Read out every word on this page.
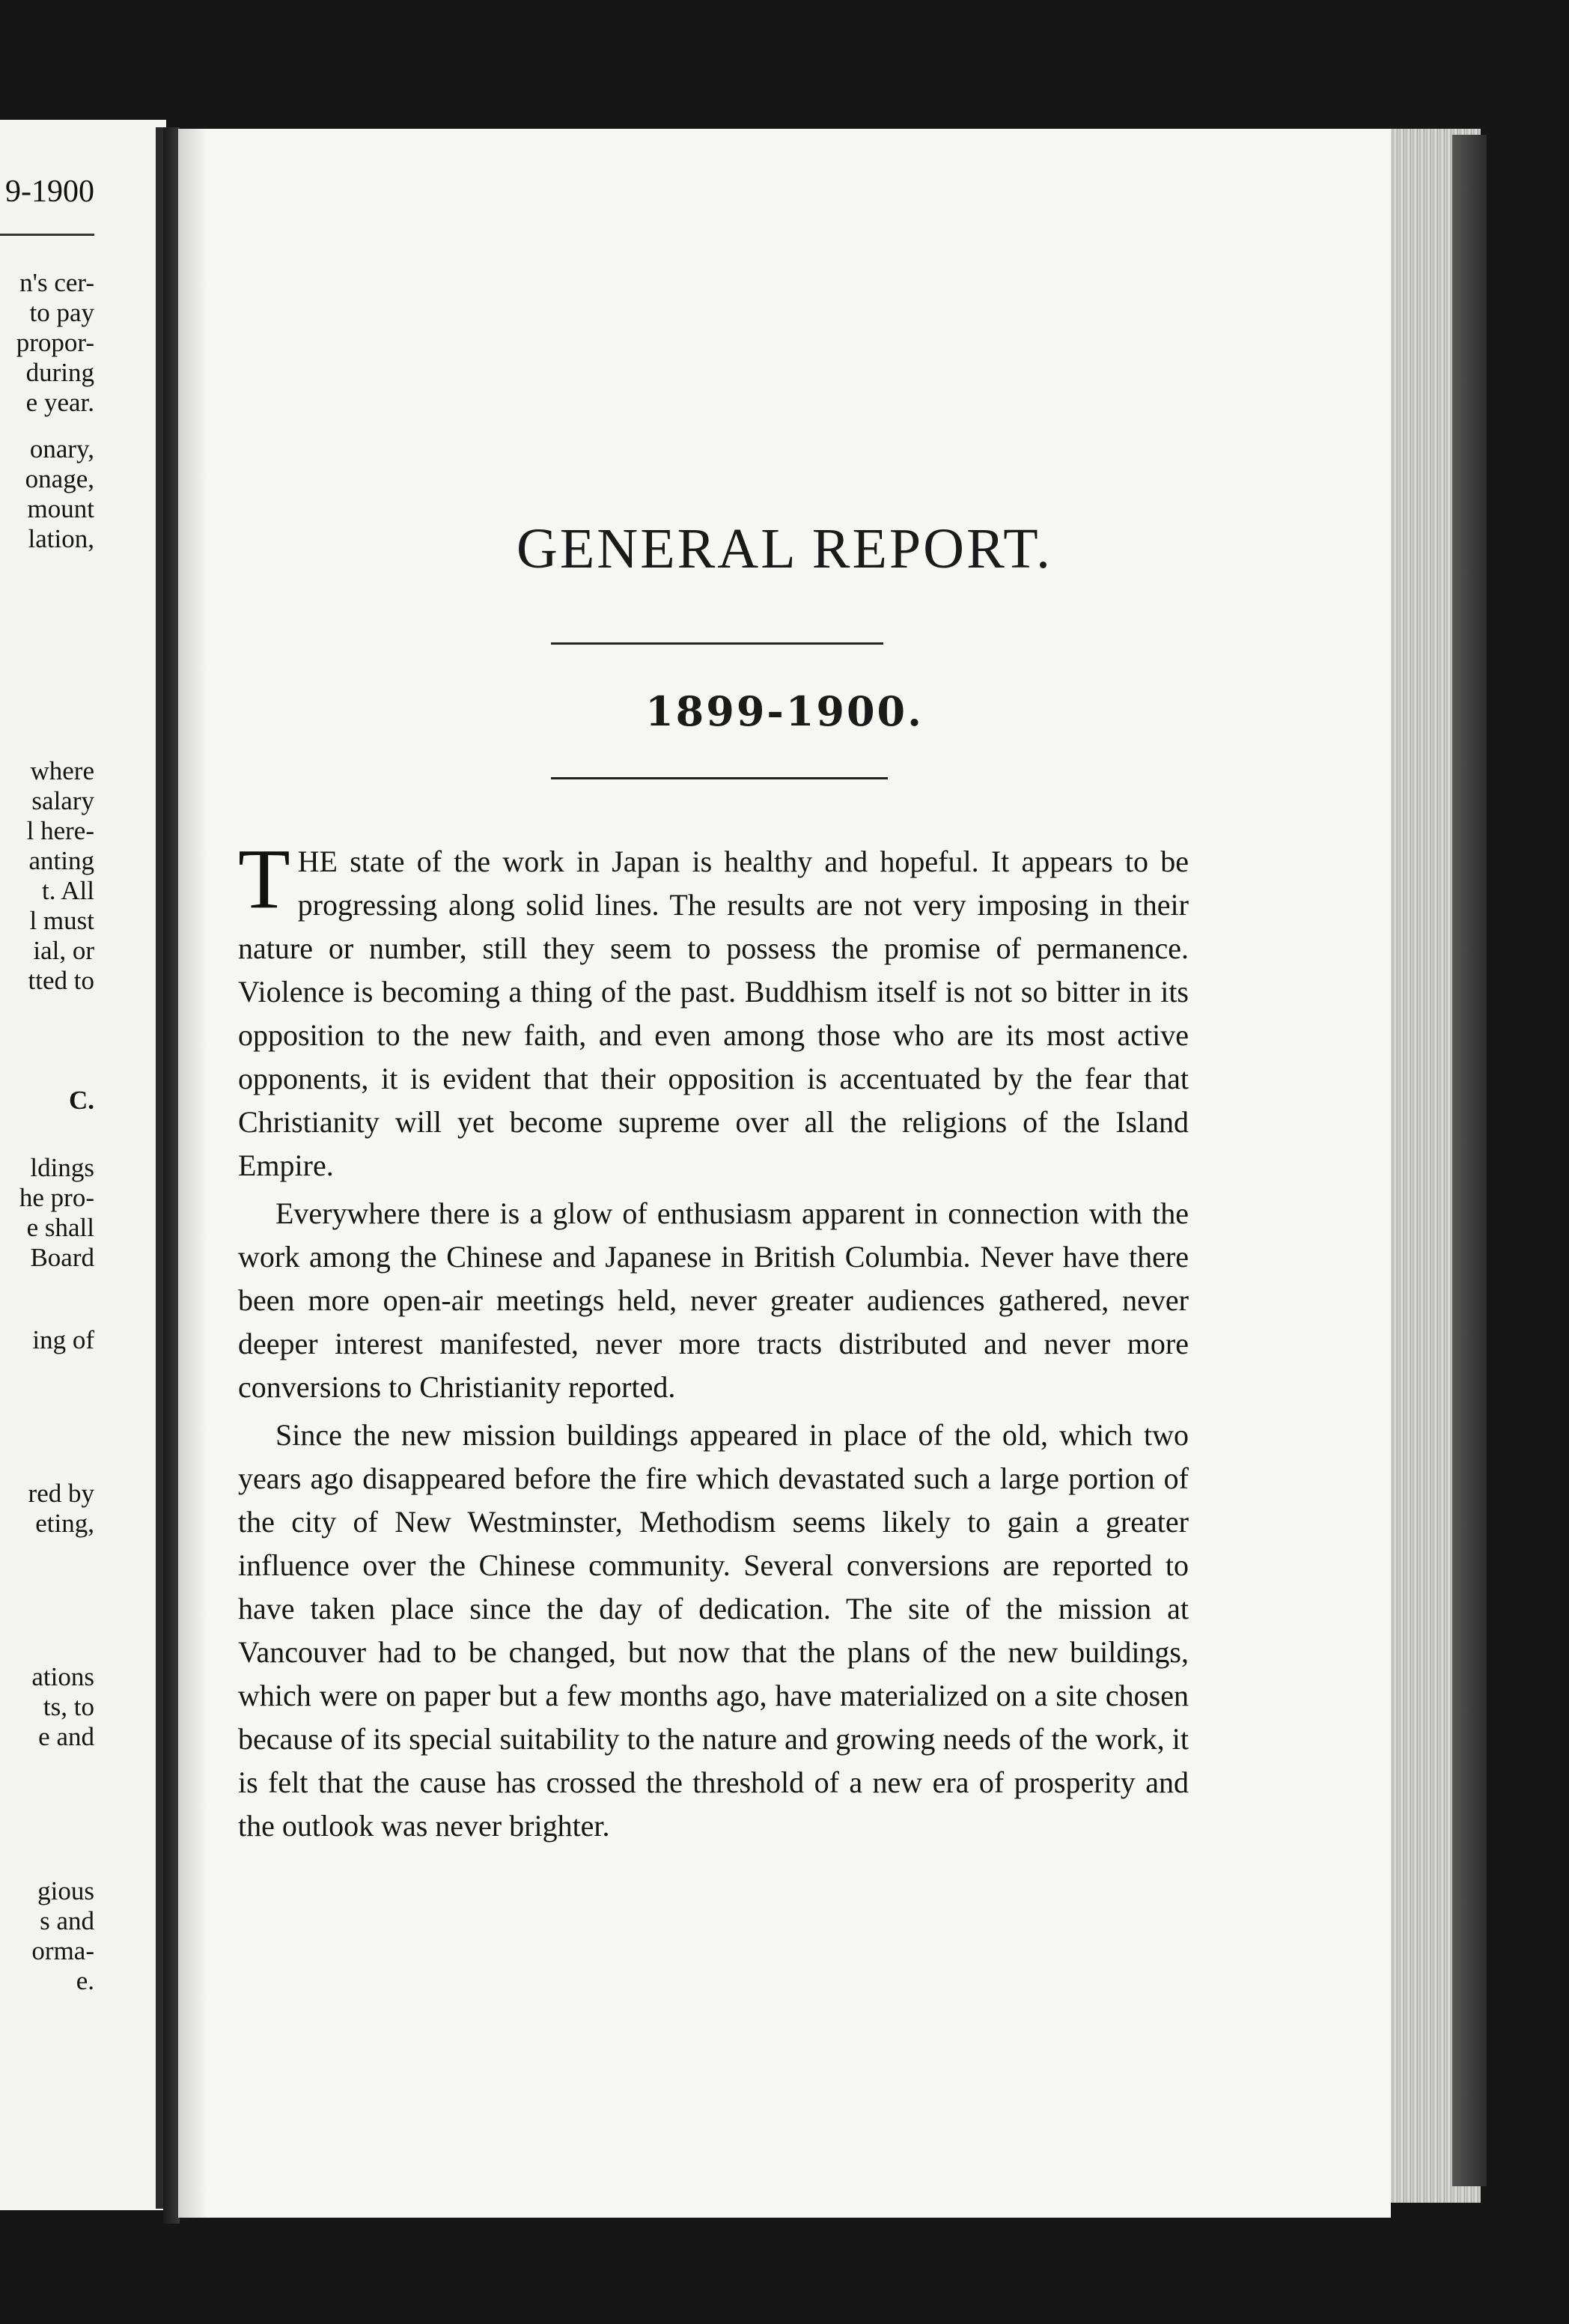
9-1900
n's cer-
to pay
propor-
during
e year.
onary,
onage,
mount
lation,
where
salary
l here-
anting
t. All
l must
ial, or
tted to
C.
ldings
he pro-
e shall
Board
ing of
red by
eting,
ations
ts, to
e and
gious
s and
orma-
e.
GENERAL REPORT.
1899-1900.

THE state of the work in Japan is healthy and hopeful. It appears to be progressing along solid lines. The results are not very imposing in their nature or number, still they seem to possess the promise of permanence. Violence is becoming a thing of the past. Buddhism itself is not so bitter in its opposition to the new faith, and even among those who are its most active opponents, it is evident that their opposition is accentuated by the fear that Christianity will yet become supreme over all the religions of the Island Empire.

Everywhere there is a glow of enthusiasm apparent in connection with the work among the Chinese and Japanese in British Columbia. Never have there been more open-air meetings held, never greater audiences gathered, never deeper interest manifested, never more tracts distributed and never more conversions to Christianity reported.

Since the new mission buildings appeared in place of the old, which two years ago disappeared before the fire which devastated such a large portion of the city of New Westminster, Methodism seems likely to gain a greater influence over the Chinese community. Several conversions are reported to have taken place since the day of dedication. The site of the mission at Vancouver had to be changed, but now that the plans of the new buildings, which were on paper but a few months ago, have materialized on a site chosen because of its special suitability to the nature and growing needs of the work, it is felt that the cause has crossed the threshold of a new era of prosperity and the outlook was never brighter.
